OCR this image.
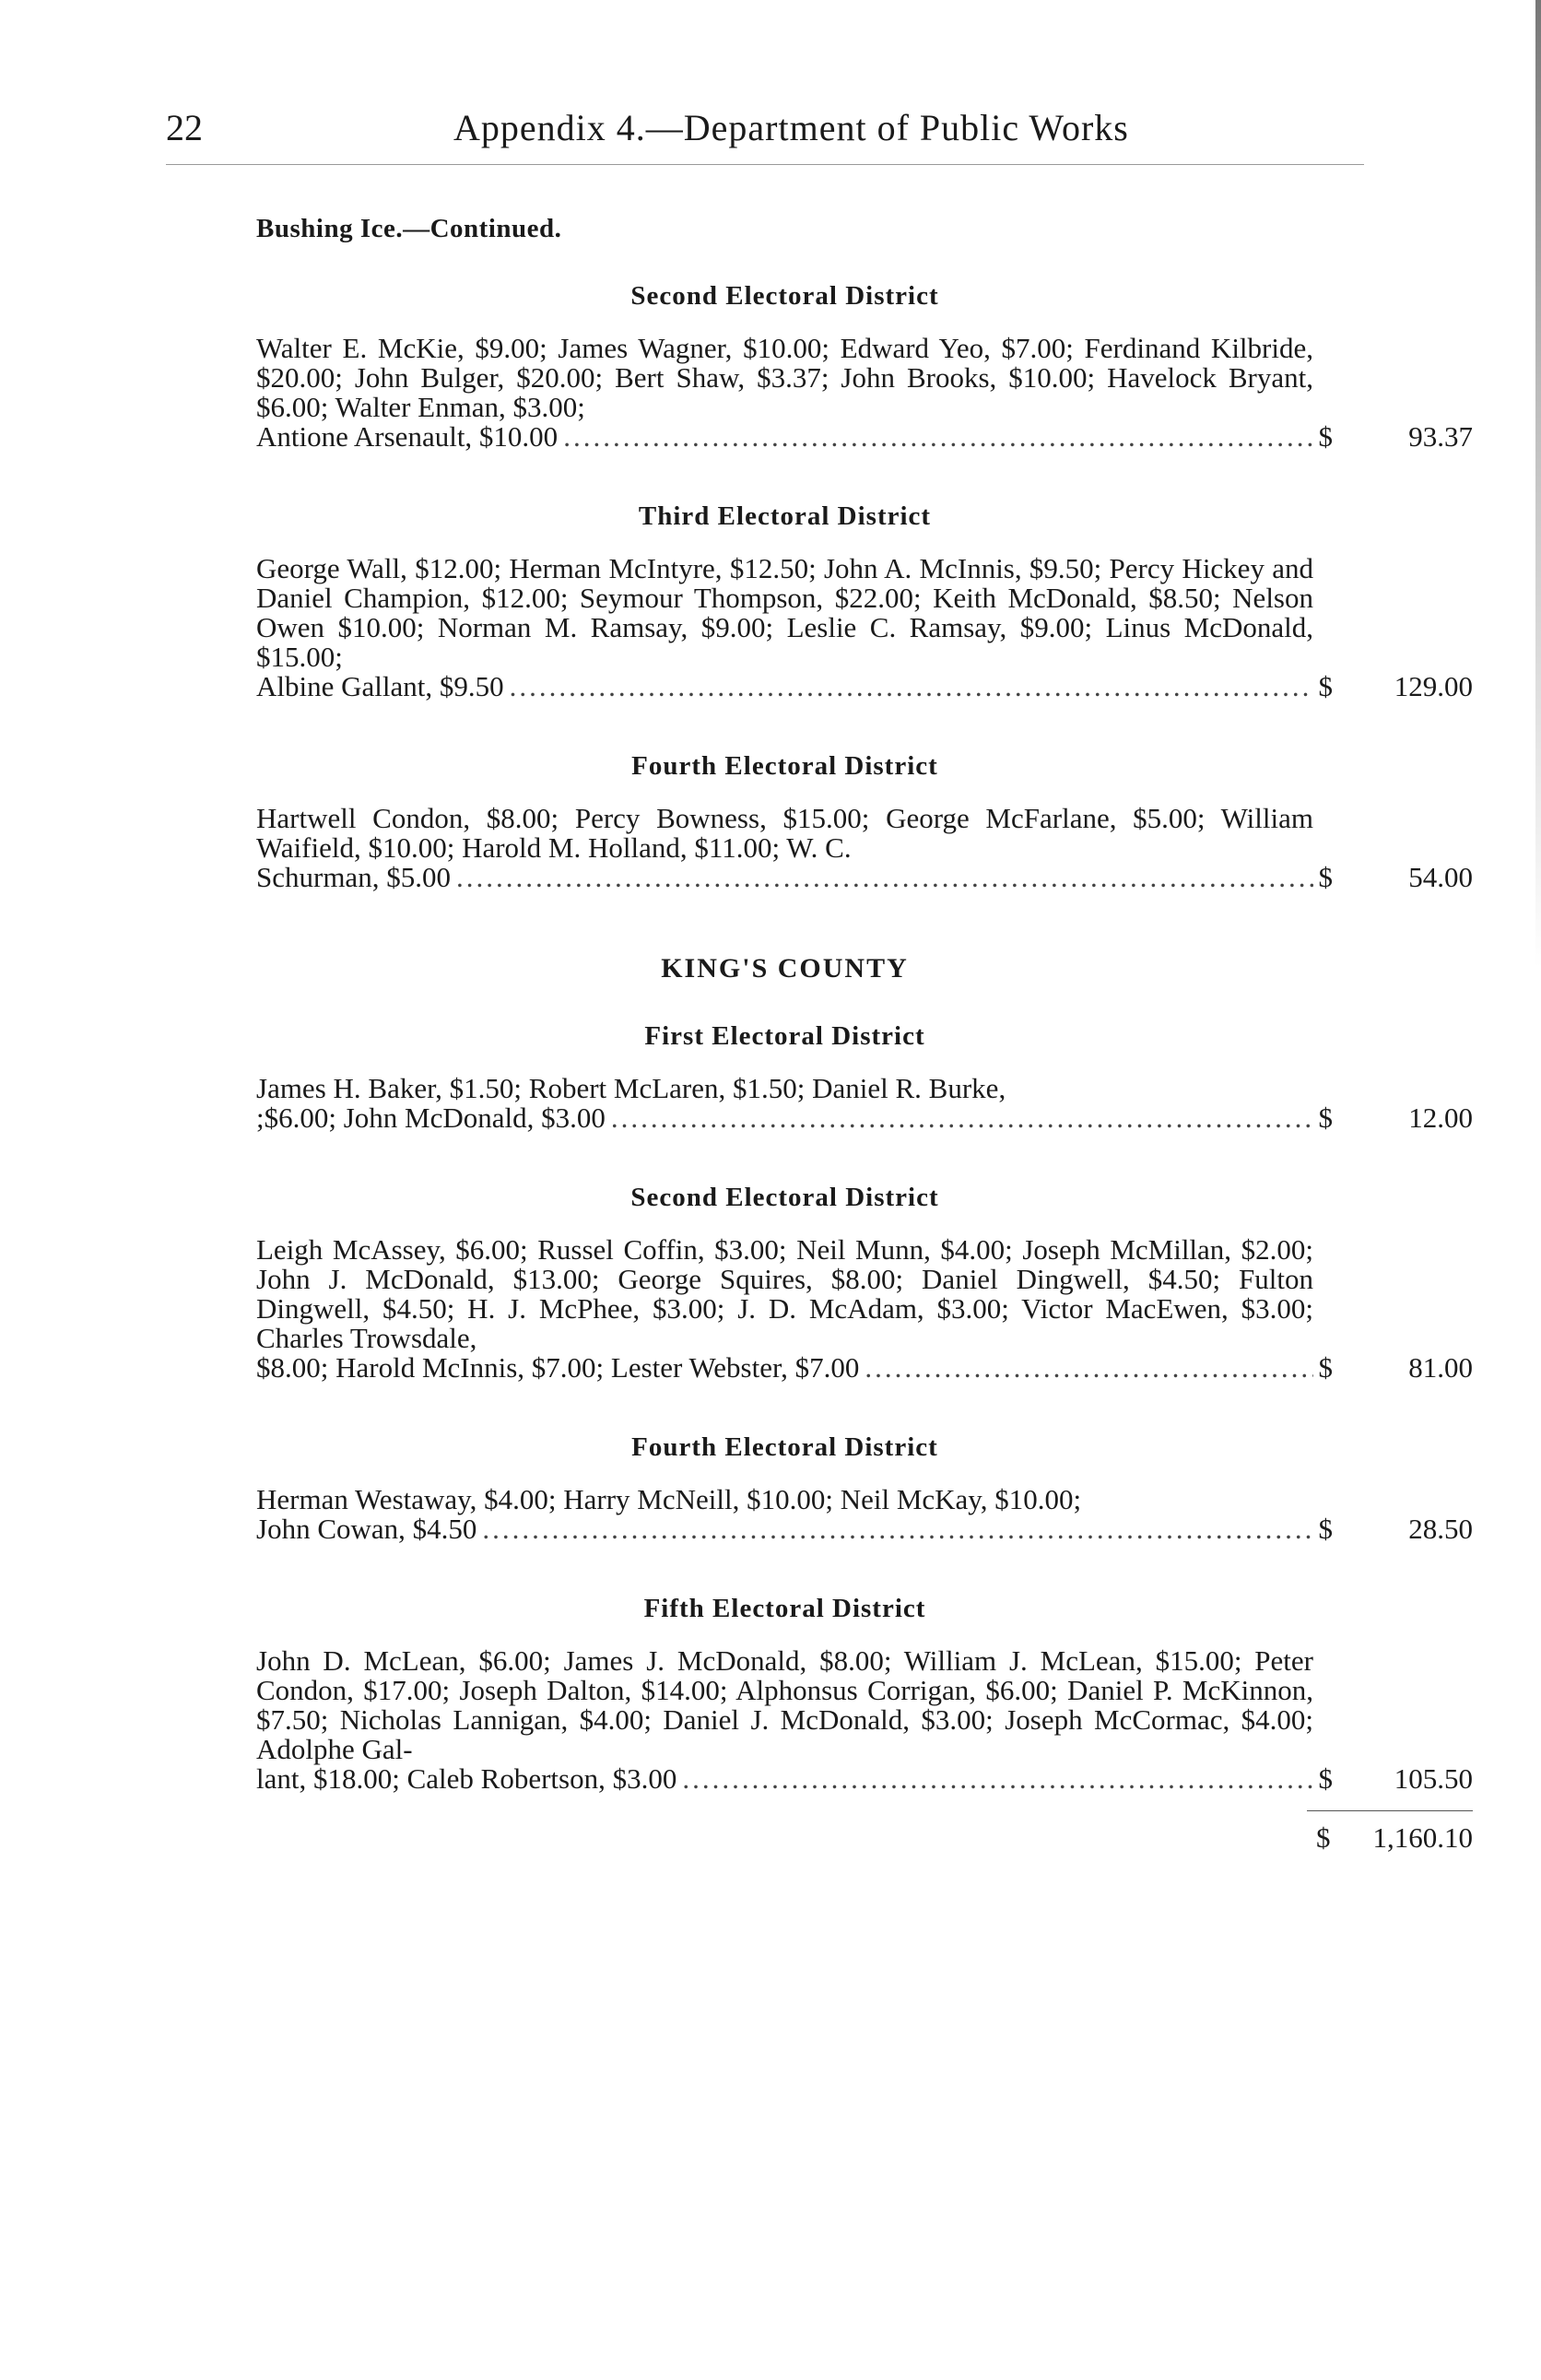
22	Appendix 4.—Department of Public Works
Bushing Ice.—Continued.
Second Electoral District
Walter E. McKie, $9.00; James Wagner, $10.00; Edward Yeo, $7.00; Ferdinand Kilbride, $20.00; John Bulger, $20.00; Bert Shaw, $3.37; John Brooks, $10.00; Havelock Bryant, $6.00; Walter Enman, $3.00;
Antione Arsenault, $10.00 .....	$	93.37
Third Electoral District
George Wall, $12.00; Herman McIntyre, $12.50; John A. McInnis, $9.50; Percy Hickey and Daniel Champion, $12.00; Seymour Thompson, $22.00; Keith McDonald, $8.50; Nelson Owen $10.00; Norman M. Ramsay, $9.00; Leslie C. Ramsay, $9.00; Linus McDonald, $15.00;
Albine Gallant, $9.50 .....	$	129.00
Fourth Electoral District
Hartwell Condon, $8.00; Percy Bowness, $15.00; George McFarlane, $5.00; William Waifield, $10.00; Harold M. Holland, $11.00; W. C.
Schurman, $5.00 .....	$	54.00
KING'S COUNTY
First Electoral District
James H. Baker, $1.50; Robert McLaren, $1.50; Daniel R. Burke,
;$6.00; John McDonald, $3.00 .....	$	12.00
Second Electoral District
Leigh McAssey, $6.00; Russel Coffin, $3.00; Neil Munn, $4.00; Joseph McMillan, $2.00; John J. McDonald, $13.00; George Squires, $8.00; Daniel Dingwell, $4.50; Fulton Dingwell, $4.50; H. J. McPhee, $3.00; J. D. McAdam, $3.00; Victor MacEwen, $3.00; Charles Trowsdale,
$8.00; Harold McInnis, $7.00; Lester Webster, $7.00 .....	$	81.00
Fourth Electoral District
Herman Westaway, $4.00; Harry McNeill, $10.00; Neil McKay, $10.00;
John Cowan, $4.50 .....	$	28.50
Fifth Electoral District
John D. McLean, $6.00; James J. McDonald, $8.00; William J. McLean, $15.00; Peter Condon, $17.00; Joseph Dalton, $14.00; Alphonsus Corrigan, $6.00; Daniel P. McKinnon, $7.50; Nicholas Lannigan, $4.00; Daniel J. McDonald, $3.00; Joseph McCormac, $4.00; Adolphe Gal-
lant, $18.00; Caleb Robertson, $3.00 .....	$	105.50
$ 1,160.10
